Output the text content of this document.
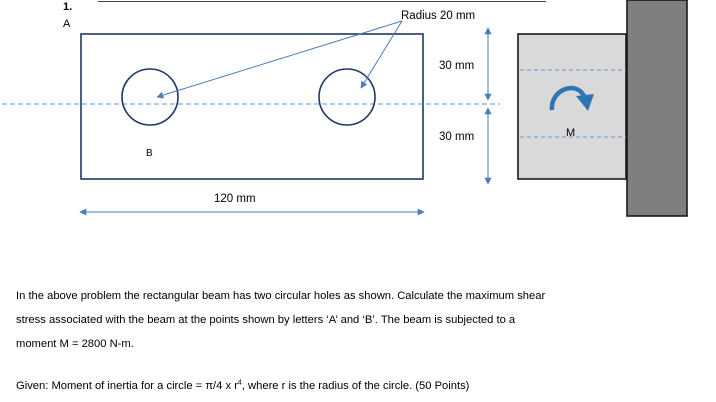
1.
A
B
Radius 20 mm
30 mm
30 mm
120 mm
M
In the above problem the rectangular beam has two circular holes as shown. Calculate the maximum shear
stress associated with the beam at the points shown by letters ‘A’ and ‘B’. The beam is subjected to a
moment M = 2800 N-m.
Given: Moment of inertia for a circle = π/4 x $r^4$, where r is the radius of the circle. (50 Points)
